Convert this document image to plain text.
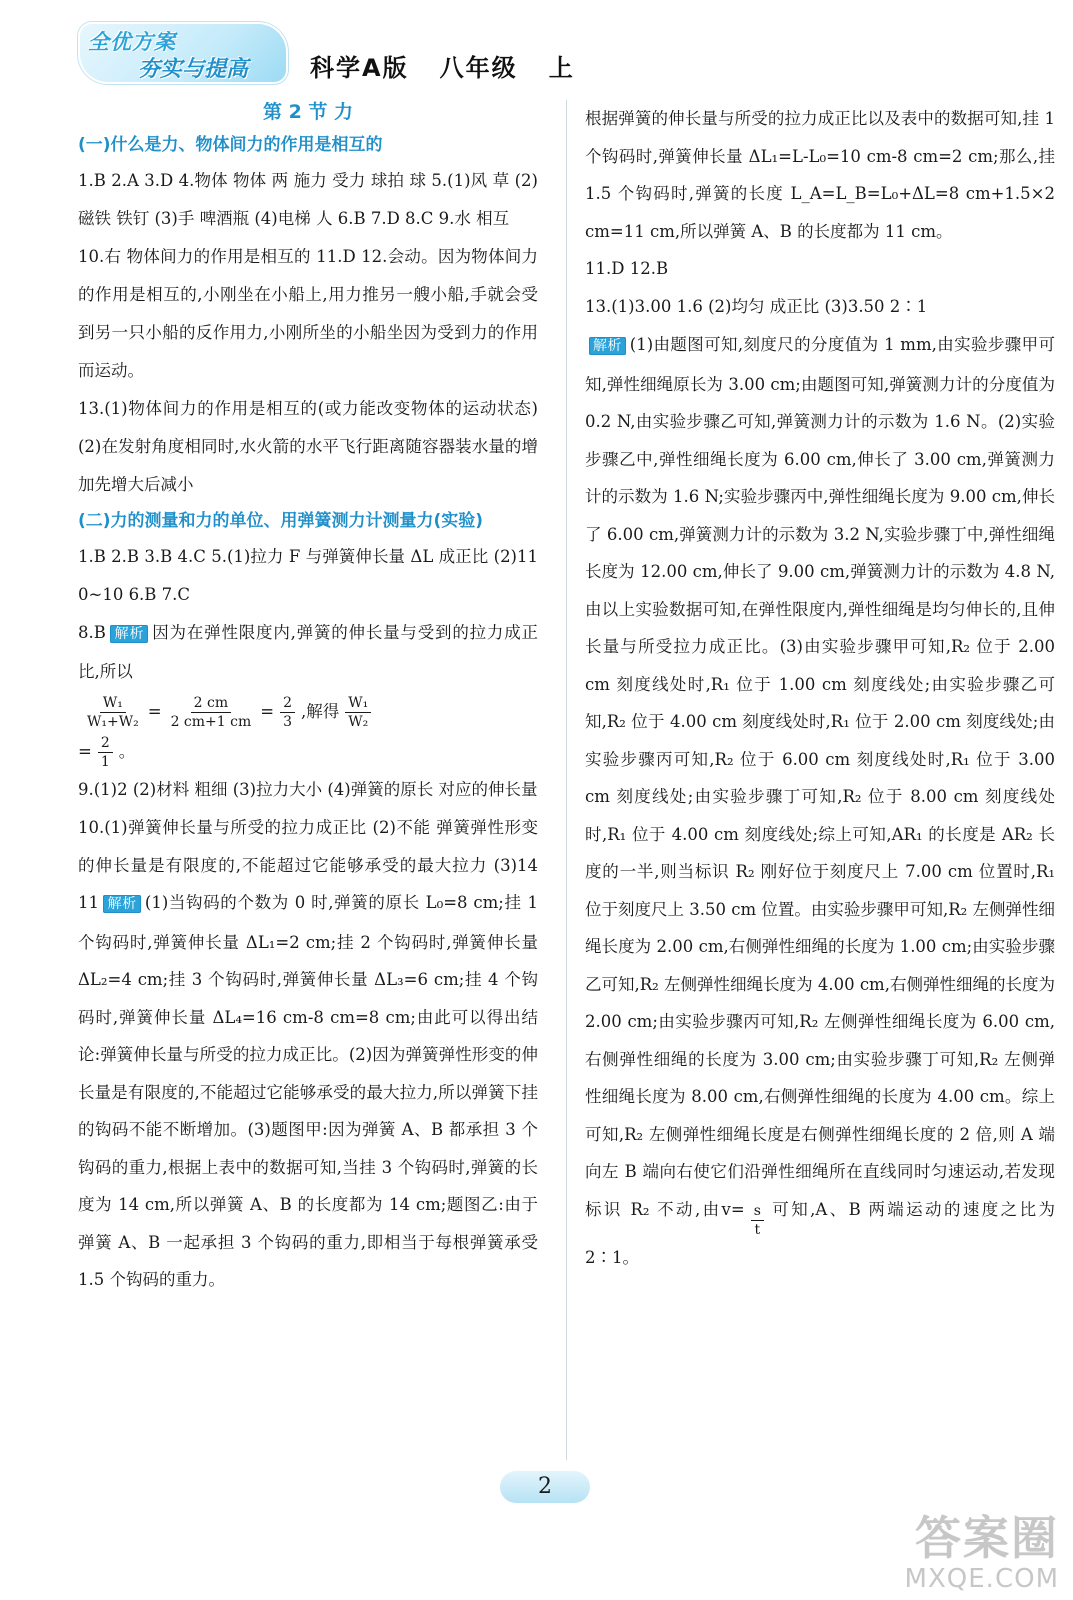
全优方案
夯实与提高	科学A版   八年级   上
第 2 节 力
(一)什么是力、物体间力的作用是相互的

1.B 2.A 3.D 4.物体 物体 两 施力 受力 球拍 球 5.(1)风 草 (2)磁铁 铁钉 (3)手 啤酒瓶 (4)电梯 人 6.B 7.D 8.C 9.水 相互

10.右 物体间力的作用是相互的 11.D 12.会动。因为物体间力的作用是相互的,小刚坐在小船上,用力推另一艘小船,手就会受到另一只小船的反作用力,小刚所坐的小船坐因为受到力的作用而运动。

13.(1)物体间力的作用是相互的(或力能改变物体的运动状态) (2)在发射角度相同时,水火箭的水平飞行距离随容器装水量的增加先增大后减小

(二)力的测量和力的单位、用弹簧测力计测量力(实验)

1.B 2.B 3.B 4.C 5.(1)拉力 F 与弹簧伸长量 ΔL 成正比 (2)11 0~10 6.B 7.C

8.B 解析 因为在弹性限度内,弹簧的伸长量与受到的拉力成正比,所以

$\frac{\text{W₁}}{\text{W₁+W₂}} = \frac{2 cm}{2 cm+1 cm} = \frac{2}{3}$ ,解得 $\frac{\text{W₁}}{\text{W₂}}$
= $\frac{2}{1}$ 。

9.(1)2 (2)材料 粗细 (3)拉力大小 (4)弹簧的原长 对应的伸长量

10.(1)弹簧伸长量与所受的拉力成正比 (2)不能 弹簧弹性形变的伸长量是有限度的,不能超过它能够承受的最大拉力 (3)14 11 解析 (1)当钩码的个数为 0 时,弹簧的原长 L₀=8 cm;挂 1 个钩码时,弹簧伸长量 ΔL₁=2 cm;挂 2 个钩码时,弹簧伸长量 ΔL₂=4 cm;挂 3 个钩码时,弹簧伸长量 ΔL₃=6 cm;挂 4 个钩码时,弹簧伸长量 ΔL₄=16 cm-8 cm=8 cm;由此可以得出结论:弹簧伸长量与所受的拉力成正比。(2)因为弹簧弹性形变的伸长量是有限度的,不能超过它能够承受的最大拉力,所以弹簧下挂的钩码不能不断增加。(3)题图甲:因为弹簧 A、B 都承担 3 个钩码的重力,根据上表中的数据可知,当挂 3 个钩码时,弹簧的长度为 14 cm,所以弹簧 A、B 的长度都为 14 cm;题图乙:由于弹簧 A、B 一起承担 3 个钩码的重力,即相当于每根弹簧承受 1.5 个钩码的重力。

根据弹簧的伸长量与所受的拉力成正比以及表中的数据可知,挂 1 个钩码时,弹簧伸长量 ΔL₁=L-L₀=10 cm-8 cm=2 cm;那么,挂 1.5 个钩码时,弹簧的长度 L_A=L_B=L₀+ΔL=8 cm+1.5×2 cm=11 cm,所以弹簧 A、B 的长度都为 11 cm。

11.D 12.B

13.(1)3.00 1.6 (2)均匀 成正比 (3)3.50 2∶1

解析 (1)由题图可知,刻度尺的分度值为 1 mm,由实验步骤甲可知,弹性细绳原长为 3.00 cm;由题图可知,弹簧测力计的分度值为 0.2 N,由实验步骤乙可知,弹簧测力计的示数为 1.6 N。(2)实验步骤乙中,弹性细绳长度为 6.00 cm,伸长了 3.00 cm,弹簧测力计的示数为 1.6 N;实验步骤丙中,弹性细绳长度为 9.00 cm,伸长了 6.00 cm,弹簧测力计的示数为 3.2 N,实验步骤丁中,弹性细绳长度为 12.00 cm,伸长了 9.00 cm,弹簧测力计的示数为 4.8 N,由以上实验数据可知,在弹性限度内,弹性细绳是均匀伸长的,且伸长量与所受拉力成正比。(3)由实验步骤甲可知,R₂ 位于 2.00 cm 刻度线处时,R₁ 位于 1.00 cm 刻度线处;由实验步骤乙可知,R₂ 位于 4.00 cm 刻度线处时,R₁ 位于 2.00 cm 刻度线处;由实验步骤丙可知,R₂ 位于 6.00 cm 刻度线处时,R₁ 位于 3.00 cm 刻度线处;由实验步骤丁可知,R₂ 位于 8.00 cm 刻度线处时,R₁ 位于 4.00 cm 刻度线处;综上可知,AR₁ 的长度是 AR₂ 长度的一半,则当标识 R₂ 刚好位于刻度尺上 7.00 cm 位置时,R₁ 位于刻度尺上 3.50 cm 位置。由实验步骤甲可知,R₂ 左侧弹性细绳长度为 2.00 cm,右侧弹性细绳的长度为 1.00 cm;由实验步骤乙可知,R₂ 左侧弹性细绳长度为 4.00 cm,右侧弹性细绳的长度为 2.00 cm;由实验步骤丙可知,R₂ 左侧弹性细绳长度为 6.00 cm,右侧弹性细绳的长度为 3.00 cm;由实验步骤丁可知,R₂ 左侧弹性细绳长度为 8.00 cm,右侧弹性细绳的长度为 4.00 cm。综上可知,R₂ 左侧弹性细绳长度是右侧弹性细绳长度的 2 倍,则 A 端向左 B 端向右使它们沿弹性细绳所在直线同时匀速运动,若发现标识 R₂ 不动,由$v= \frac{s}{t}$ 可知,A、B 两端运动的速度之比为 2∶1。

2
答案圈
MXQE.COM
